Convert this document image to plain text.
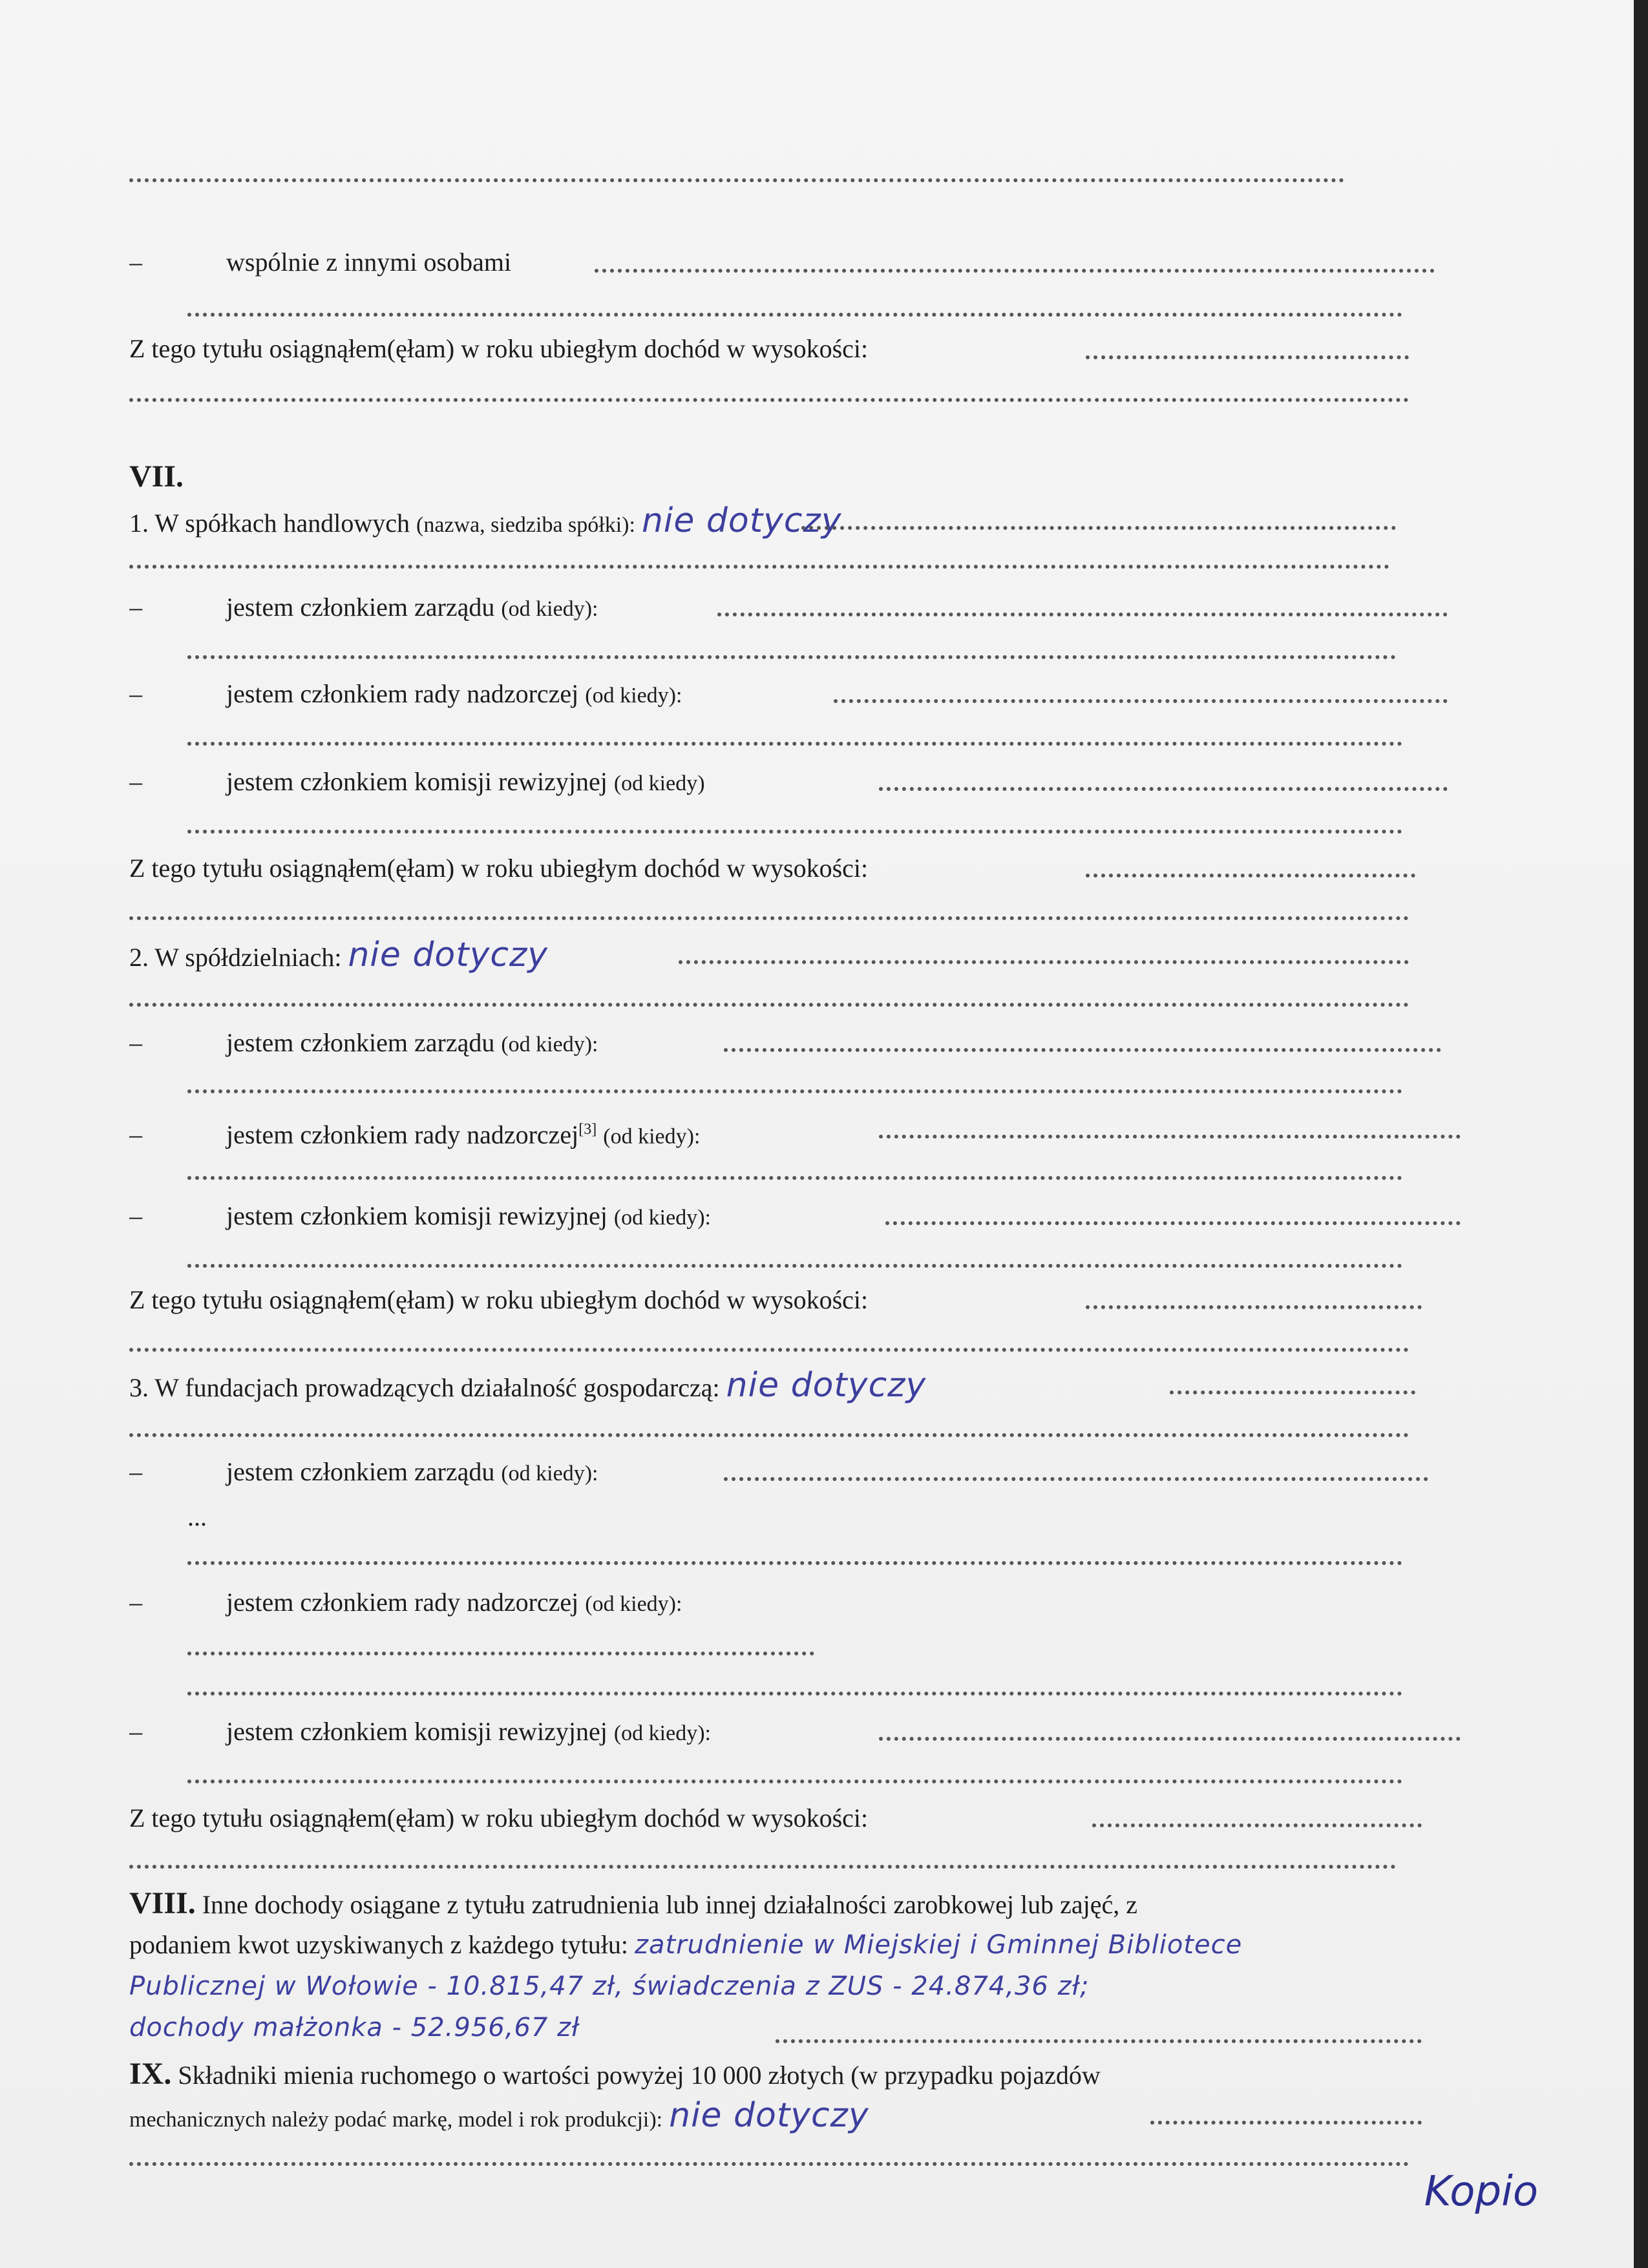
–	wspólnie z innymi osobami
Z tego tytułu osiągnąłem(ęłam) w roku ubiegłym dochód w wysokości:
VII.
1. W spółkach handlowych (nazwa, siedziba spółki): nie dotyczy
–	jestem członkiem zarządu (od kiedy):
–	jestem członkiem rady nadzorczej (od kiedy):
–	jestem członkiem komisji rewizyjnej (od kiedy)
Z tego tytułu osiągnąłem(ęłam) w roku ubiegłym dochód w wysokości:
2. W spółdzielniach: nie dotyczy
–	jestem członkiem zarządu (od kiedy):
–	jestem członkiem rady nadzorczej[3] (od kiedy):
–	jestem członkiem komisji rewizyjnej (od kiedy):
Z tego tytułu osiągnąłem(ęłam) w roku ubiegłym dochód w wysokości:
3. W fundacjach prowadzących działalność gospodarczą: nie dotyczy
–	jestem członkiem zarządu (od kiedy):
...
–	jestem członkiem rady nadzorczej (od kiedy):
–	jestem członkiem komisji rewizyjnej (od kiedy):
Z tego tytułu osiągnąłem(ęłam) w roku ubiegłym dochód w wysokości:
VIII. Inne dochody osiągane z tytułu zatrudnienia lub innej działalności zarobkowej lub zajęć, z
podaniem kwot uzyskiwanych z każdego tytułu: zatrudnienie w Miejskiej i Gminnej Bibliotece
Publicznej w Wołowie - 10.815,47 zł, świadczenia z ZUS - 24.874,36 zł;
dochody małżonka - 52.956,67 zł
IX. Składniki mienia ruchomego o wartości powyżej 10 000 złotych (w przypadku pojazdów
mechanicznych należy podać markę, model i rok produkcji): nie dotyczy
Kopio
